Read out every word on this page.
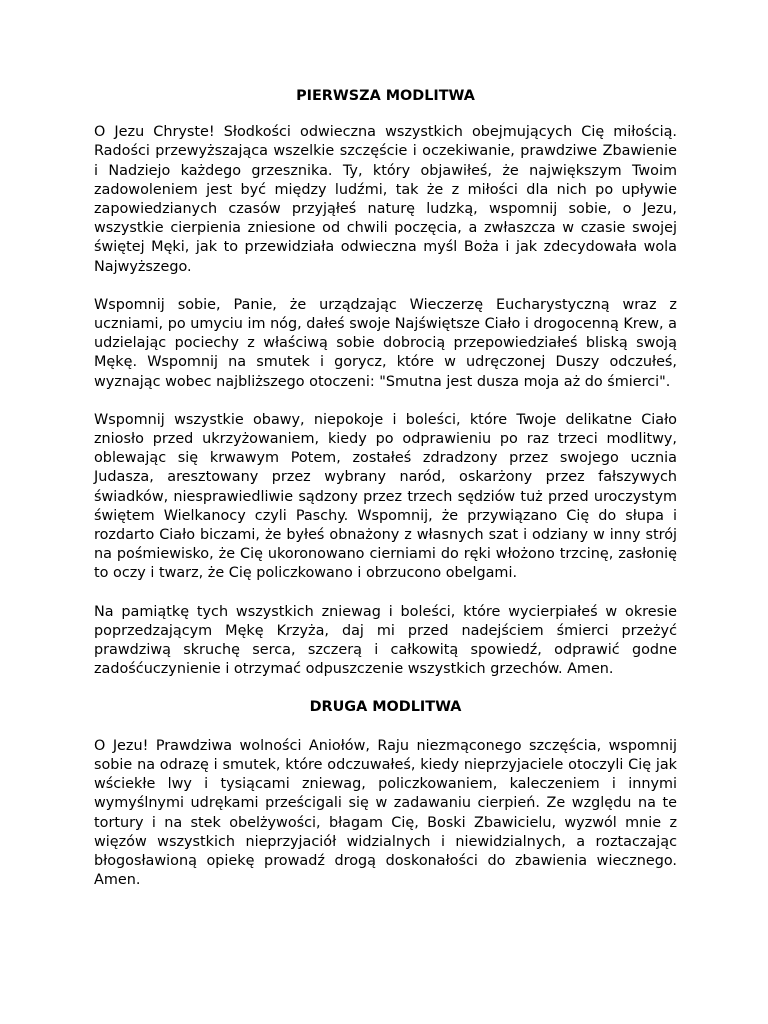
PIERWSZA MODLITWA

O Jezu Chryste! Słodkości odwieczna wszystkich obejmujących Cię miłością. Radości przewyższająca wszelkie szczęście i oczekiwanie, prawdziwe Zbawienie i Nadziejo każdego grzesznika. Ty, który objawiłeś, że największym Twoim zadowoleniem jest być między ludźmi, tak że z miłości dla nich po upływie zapowiedzianych czasów przyjąłeś naturę ludzką, wspomnij sobie, o Jezu, wszystkie cierpienia zniesione od chwili poczęcia, a zwłaszcza w czasie swojej świętej Męki, jak to przewidziała odwieczna myśl Boża i jak zdecydowała wola Najwyższego.

Wspomnij sobie, Panie, że urządzając Wieczerzę Eucharystyczną wraz z uczniami, po umyciu im nóg, dałeś swoje Najświętsze Ciało i drogocenną Krew, a udzielając pociechy z właściwą sobie dobrocią przepowiedziałeś bliską swoją Mękę. Wspomnij na smutek i gorycz, które w udręczonej Duszy odczułeś, wyznając wobec najbliższego otoczeni: "Smutna jest dusza moja aż do śmierci".

Wspomnij wszystkie obawy, niepokoje i boleści, które Twoje delikatne Ciało zniosło przed ukrzyżowaniem, kiedy po odprawieniu po raz trzeci modlitwy, oblewając się krwawym Potem, zostałeś zdradzony przez swojego ucznia Judasza, aresztowany przez wybrany naród, oskarżony przez fałszywych świadków, niesprawiedliwie sądzony przez trzech sędziów tuż przed uroczystym świętem Wielkanocy czyli Paschy. Wspomnij, że przywiązano Cię do słupa i rozdarto Ciało biczami, że byłeś obnażony z własnych szat i odziany w inny strój na pośmiewisko, że Cię ukoronowano cierniami do ręki włożono trzcinę, zasłonię to oczy i twarz, że Cię policzkowano i obrzucono obelgami.

Na pamiątkę tych wszystkich zniewag i boleści, które wycierpiałeś w okresie poprzedzającym Mękę Krzyża, daj mi przed nadejściem śmierci przeżyć prawdziwą skruchę serca, szczerą i całkowitą spowiedź, odprawić godne zadośćuczynienie i otrzymać odpuszczenie wszystkich grzechów. Amen.

DRUGA MODLITWA

O Jezu! Prawdziwa wolności Aniołów, Raju niezmąconego szczęścia, wspomnij sobie na odrazę i smutek, które odczuwałeś, kiedy nieprzyjaciele otoczyli Cię jak wściekłe lwy i tysiącami zniewag, policzkowaniem, kaleczeniem i innymi wymyślnymi udrękami prześcigali się w zadawaniu cierpień. Ze względu na te tortury i na stek obelżywości, błagam Cię, Boski Zbawicielu, wyzwól mnie z więzów wszystkich nieprzyjaciół widzialnych i niewidzialnych, a roztaczając błogosławioną opiekę prowadź drogą doskonałości do zbawienia wiecznego. Amen.
